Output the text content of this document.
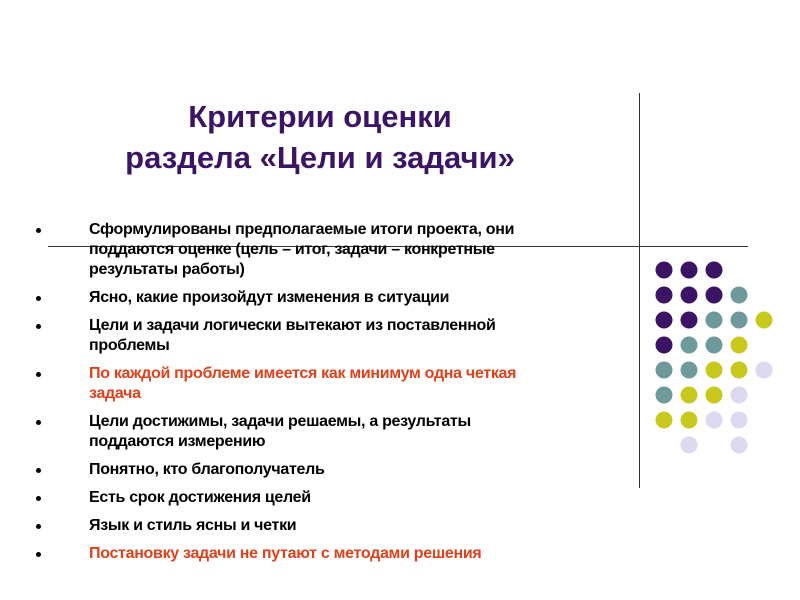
Критерии оценки
раздела «Цели и задачи»
Сформулированы предполагаемые итоги проекта, они поддаются оценке (цель – итог, задачи – конкретные результаты работы)
Ясно, какие произойдут изменения в ситуации
Цели и задачи логически вытекают из поставленной проблемы
По каждой проблеме имеется как минимум одна четкая задача
Цели достижимы, задачи решаемы, а результаты поддаются измерению
Понятно, кто благополучатель
Есть срок достижения целей
Язык и стиль ясны и четки
Постановку задачи не путают с методами решения
